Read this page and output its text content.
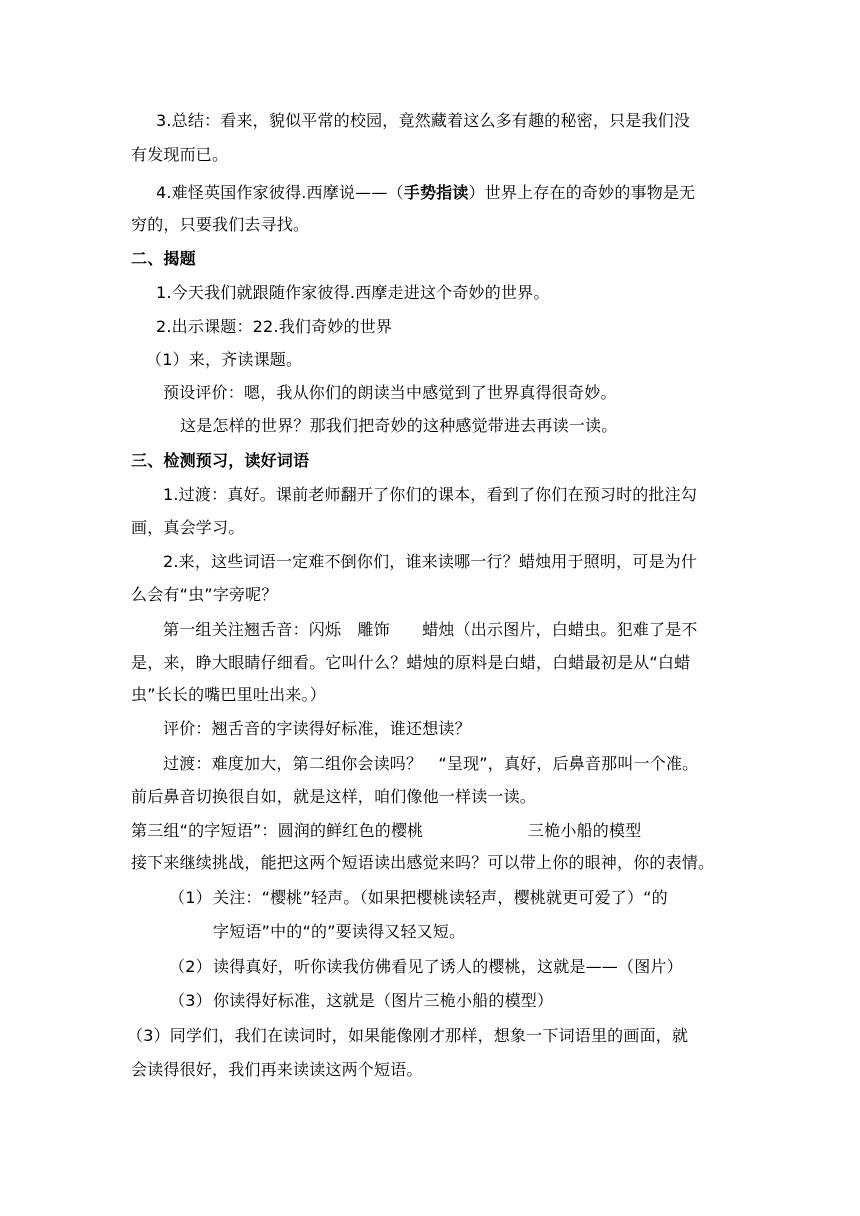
3.总结：看来，貌似平常的校园，竟然藏着这么多有趣的秘密，只是我们没
有发现而已。
4.难怪英国作家彼得.西摩说——（手势指读）世界上存在的奇妙的事物是无
穷的，只要我们去寻找。
二、揭题
1.今天我们就跟随作家彼得.西摩走进这个奇妙的世界。
2.出示课题：22.我们奇妙的世界
（1）来，齐读课题。
预设评价：嗯，我从你们的朗读当中感觉到了世界真得很奇妙。
这是怎样的世界？那我们把奇妙的这种感觉带进去再读一读。
三、检测预习，读好词语
1.过渡：真好。课前老师翻开了你们的课本，看到了你们在预习时的批注勾
画，真会学习。
2.来，这些词语一定难不倒你们，谁来读哪一行？蜡烛用于照明，可是为什
么会有“虫”字旁呢？
第一组关注翘舌音：闪烁　雕饰　　蜡烛（出示图片，白蜡虫。犯难了是不
是，来，睁大眼睛仔细看。它叫什么？蜡烛的原料是白蜡，白蜡最初是从“白蜡
虫”长长的嘴巴里吐出来。）
评价：翘舌音的字读得好标准，谁还想读？
过渡：难度加大，第二组你会读吗？　“呈现”，真好，后鼻音那叫一个准。
前后鼻音切换很自如，就是这样，咱们像他一样读一读。
第三组“的字短语”：圆润的鲜红色的樱桃	三桅小船的模型
接下来继续挑战，能把这两个短语读出感觉来吗？可以带上你的眼神，你的表情。
（1） 关注：“樱桃”轻声。（如果把樱桃读轻声，樱桃就更可爱了）“的
字短语”中的“的”要读得又轻又短。
（2） 读得真好，听你读我仿佛看见了诱人的樱桃，这就是——（图片）
（3） 你读得好标准，这就是（图片三桅小船的模型）
（3）同学们，我们在读词时，如果能像刚才那样，想象一下词语里的画面，就
会读得很好，我们再来读读这两个短语。
